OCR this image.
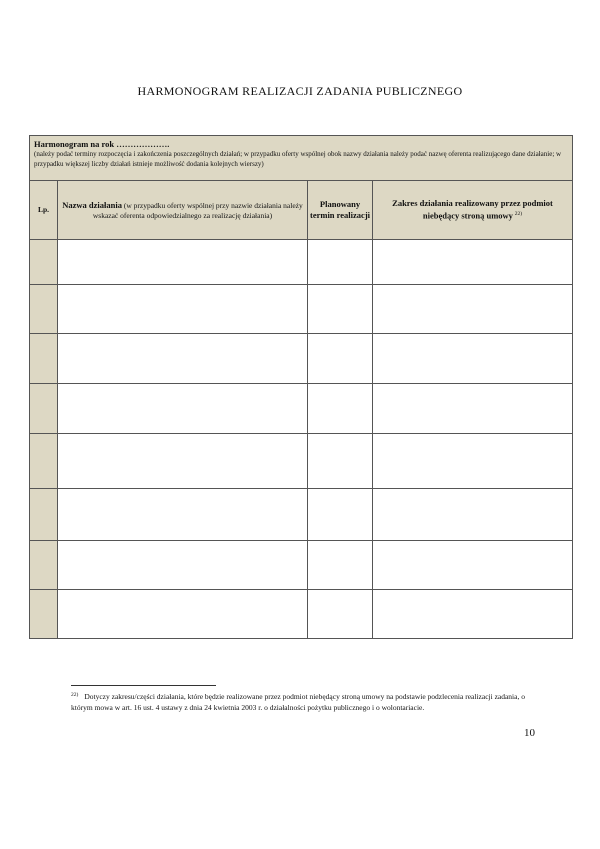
HARMONOGRAM REALIZACJI ZADANIA PUBLICZNEGO
Harmonogram na rok ……………….
(należy podać terminy rozpoczęcia i zakończenia poszczególnych działań; w przypadku oferty wspólnej obok nazwy działania należy podać nazwę oferenta realizującego dane działanie; w przypadku większej liczby działań istnieje możliwość dodania kolejnych wierszy)			

Lp.	Nazwa działania (w przypadku oferty wspólnej przy nazwie działania należy wskazać oferenta odpowiedzialnego za realizację działania)	Planowany termin realizacji	Zakres działania realizowany przez podmiot niebędący stroną umowy $^{22)}$

$^{22)}$ Dotyczy zakresu/części działania, które będzie realizowane przez podmiot niebędący stroną umowy na podstawie podzlecenia realizacji zadania, o którym mowa w art. 16 ust. 4 ustawy z dnia 24 kwietnia 2003 r. o działalności pożytku publicznego i o wolontariacie.
10
